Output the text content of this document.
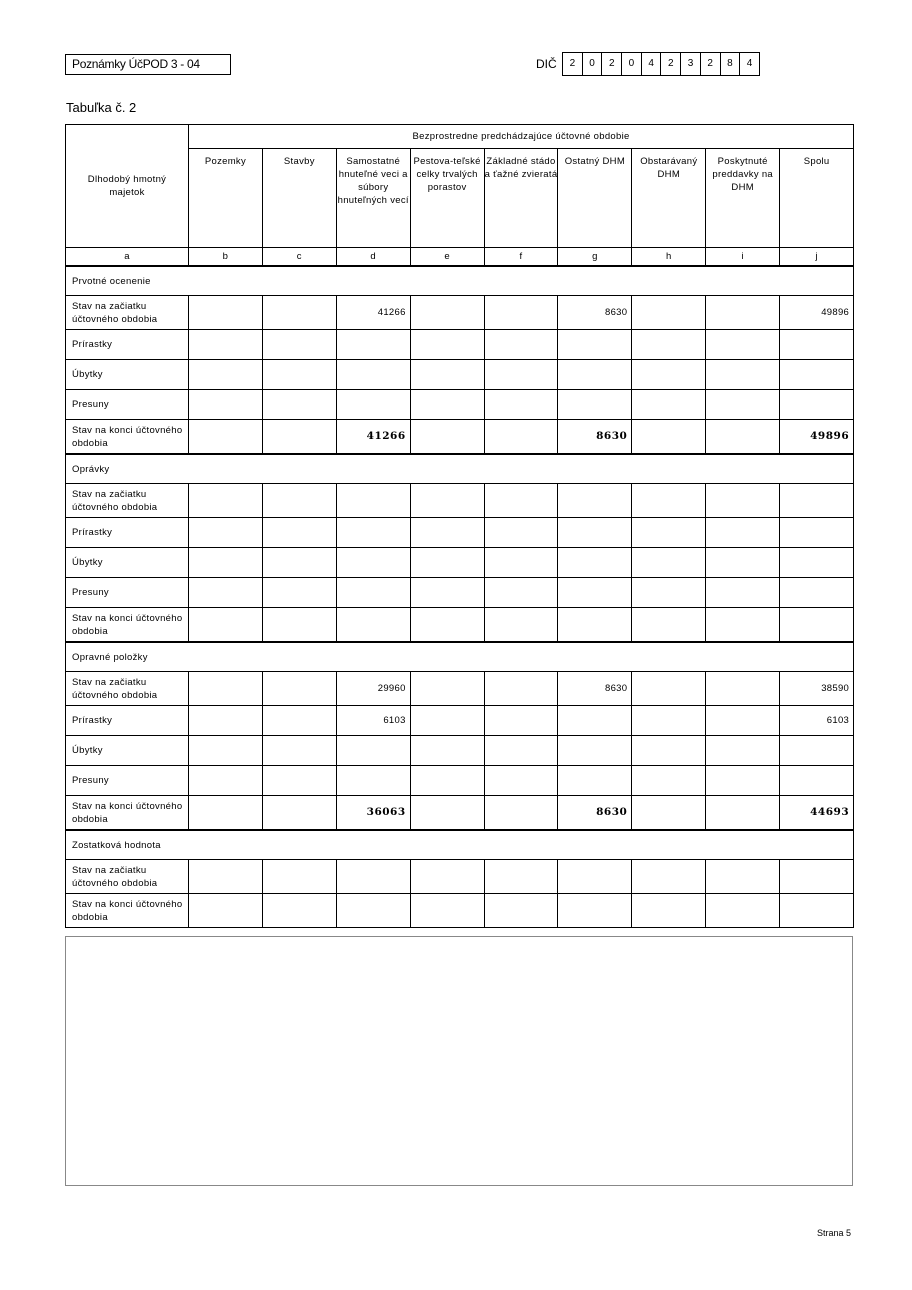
Poznámky ÚčPOD 3 - 04	DIČ	2	0	2	0	4	2	3	2	8	4
Tabuľka č. 2
Dlhodobý hmotný majetok	Bezprostredne predchádzajúce účtovné obdobie								
	Pozemky	Stavby	Samostatné hnuteľné veci a súbory hnuteľných vecí	Pestova-teľské celky trvalých porastov	Základné stádo a ťažné zvieratá	Ostatný DHM	Obstarávaný DHM	Poskytnuté preddavky na DHM	Spolu
a	b	c	d	e	f	g	h	i	j
Prvotné ocenenie									
Stav na začiatku účtovného obdobia			41266			8630			49896
Prírastky									
Úbytky									
Presuny									
Stav na konci účtovného obdobia			41266			8630			49896
Oprávky									
Stav na začiatku účtovného obdobia									
Prírastky									
Úbytky									
Presuny									
Stav na konci účtovného obdobia									
Opravné položky									
Stav na začiatku účtovného obdobia			29960			8630			38590
Prírastky			6103						6103
Úbytky									
Presuny									
Stav na konci účtovného obdobia			36063			8630			44693
Zostatková hodnota									
Stav na začiatku účtovného obdobia									
Stav na konci účtovného obdobia									
Strana 5
